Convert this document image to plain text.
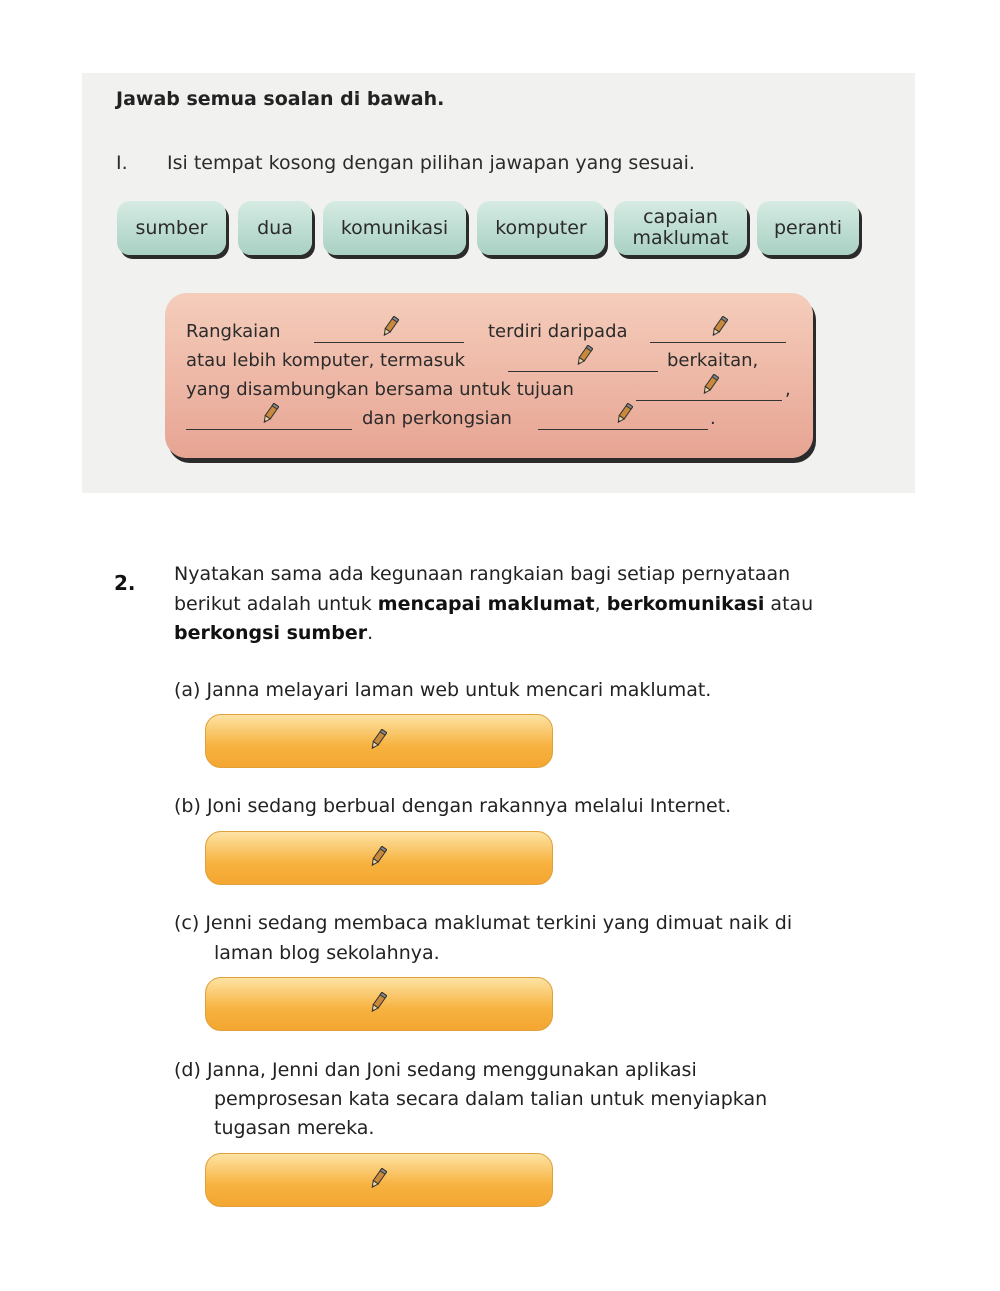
Jawab semua soalan di bawah.
I. Isi tempat kosong dengan pilihan jawapan yang sesuai.
sumber	dua	komunikasi komputer	capaian
maklumat peranti
Rangkaian	terdiri daripada
atau lebih komputer, termasuk	berkaitan,
yang disambungkan bersama untuk tujuan	,
dan perkongsian	.
2. Nyatakan sama ada kegunaan rangkaian bagi setiap pernyataan
berikut adalah untuk mencapai maklumat, berkomunikasi atau
berkongsi sumber.
(a) Janna melayari laman web untuk mencari maklumat.
(b) Joni sedang berbual dengan rakannya melalui Internet.
(c) Jenni sedang membaca maklumat terkini yang dimuat naik di
laman blog sekolahnya.
(d) Janna, Jenni dan Joni sedang menggunakan aplikasi
pemprosesan kata secara dalam talian untuk menyiapkan
tugasan mereka.
